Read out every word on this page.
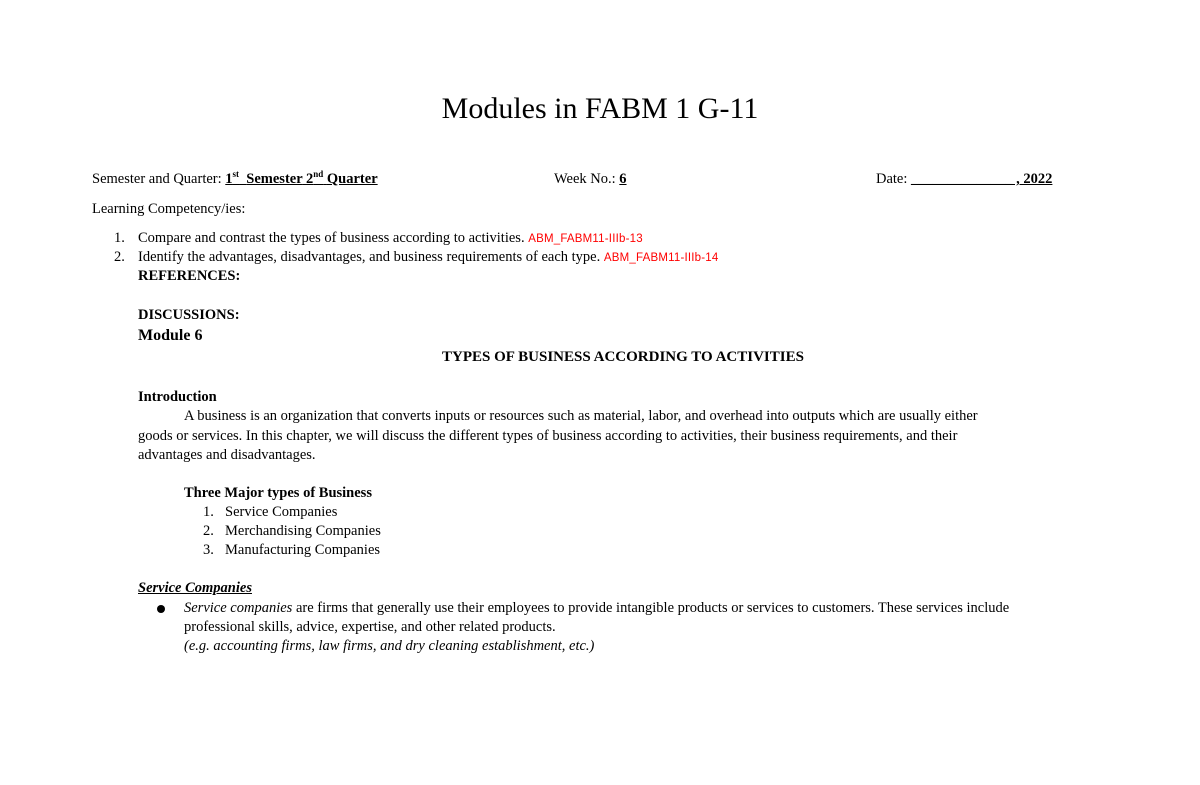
Modules in FABM 1 G-11
Semester and Quarter: 1st Semester 2nd Quarter	Week No.: 6	Date: ______________ , 2022
Learning Competency/ies:
1. Compare and contrast the types of business according to activities. ABM_FABM11-IIIb-13
2. Identify the advantages, disadvantages, and business requirements of each type. ABM_FABM11-IIIb-14
REFERENCES:
DISCUSSIONS:
Module 6
TYPES OF BUSINESS ACCORDING TO ACTIVITIES
Introduction
A business is an organization that converts inputs or resources such as material, labor, and overhead into outputs which are usually either
goods or services. In this chapter, we will discuss the different types of business according to activities, their business requirements, and their
advantages and disadvantages.
Three Major types of Business
1. Service Companies
2. Merchandising Companies
3. Manufacturing Companies
Service Companies
Service companies are firms that generally use their employees to provide intangible products or services to customers. These services include
professional skills, advice, expertise, and other related products.
(e.g. accounting firms, law firms, and dry cleaning establishment, etc.)
